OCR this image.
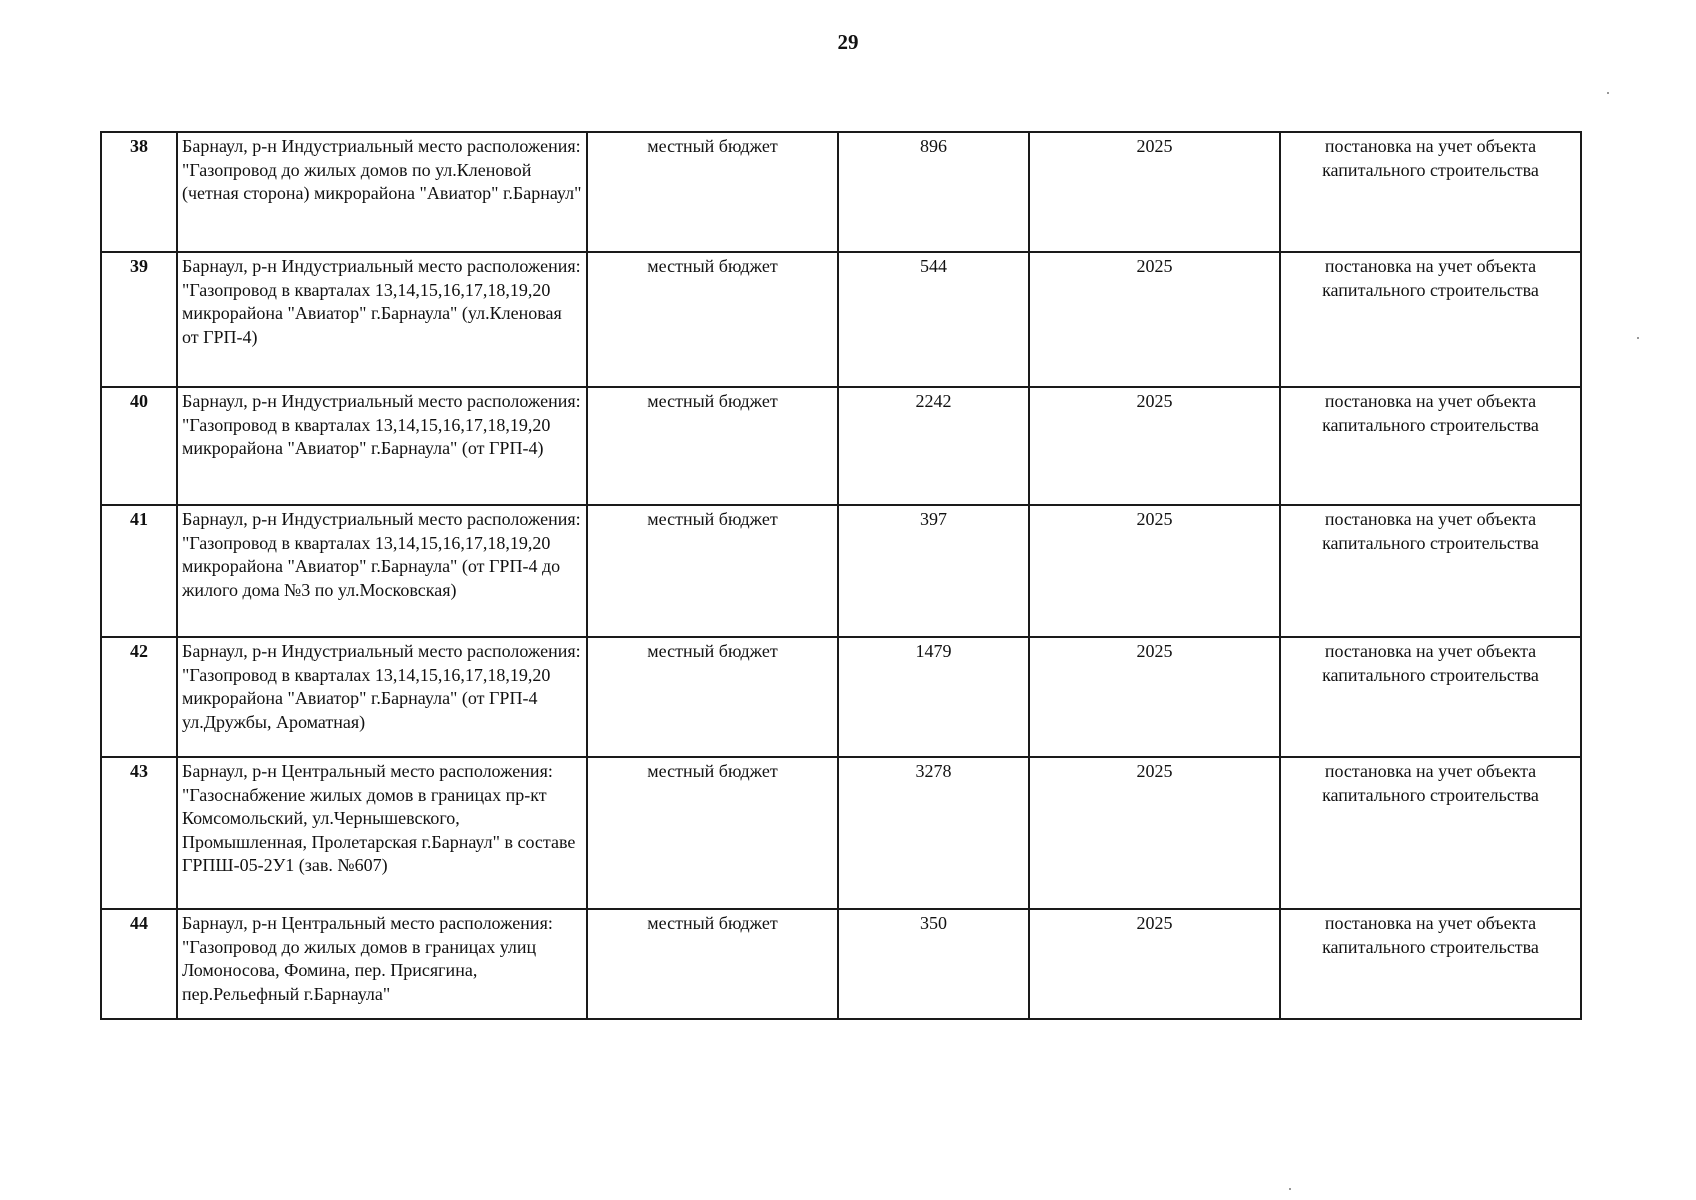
29
38	Барнаул, р-н Индустриальный место расположения: "Газопровод до жилых домов по ул.Кленовой (четная сторона) микрорайона "Авиатор" г.Барнаул"	местный бюджет	896	2025	постановка на учет объекта капитального строительства
39	Барнаул, р-н Индустриальный место расположения: "Газопровод в кварталах 13,14,15,16,17,18,19,20 микрорайона "Авиатор" г.Барнаула" (ул.Кленовая от ГРП-4)	местный бюджет	544	2025	постановка на учет объекта капитального строительства
40	Барнаул, р-н Индустриальный место расположения: "Газопровод в кварталах 13,14,15,16,17,18,19,20 микрорайона "Авиатор" г.Барнаула" (от ГРП-4)	местный бюджет	2242	2025	постановка на учет объекта капитального строительства
41	Барнаул, р-н Индустриальный место расположения: "Газопровод в кварталах 13,14,15,16,17,18,19,20 микрорайона "Авиатор" г.Барнаула" (от ГРП-4 до жилого дома №3 по ул.Московская)	местный бюджет	397	2025	постановка на учет объекта капитального строительства
42	Барнаул, р-н Индустриальный место расположения: "Газопровод в кварталах 13,14,15,16,17,18,19,20 микрорайона "Авиатор" г.Барнаула" (от ГРП-4 ул.Дружбы, Ароматная)	местный бюджет	1479	2025	постановка на учет объекта капитального строительства
43	Барнаул, р-н Центральный место расположения: "Газоснабжение жилых домов в границах пр-кт Комсомольский, ул.Чернышевского, Промышленная, Пролетарская г.Барнаул" в составе ГРПШ-05-2У1 (зав. №607)	местный бюджет	3278	2025	постановка на учет объекта капитального строительства
44	Барнаул, р-н Центральный место расположения: "Газопровод до жилых домов в границах улиц Ломоносова, Фомина, пер. Присягина, пер.Рельефный г.Барнаула"	местный бюджет	350	2025	постановка на учет объекта капитального строительства
